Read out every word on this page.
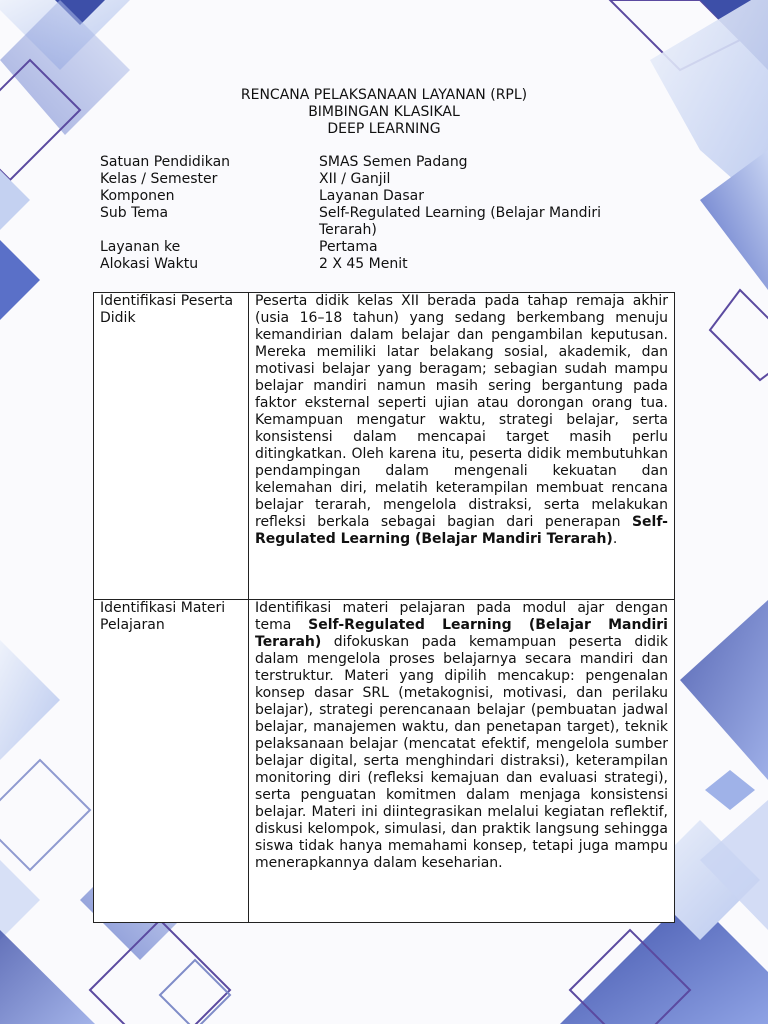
RENCANA PELAKSANAAN LAYANAN (RPL)
BIMBINGAN KLASIKAL
DEEP LEARNING
Satuan Pendidikan	SMAS Semen Padang
Kelas / Semester	XII / Ganjil
Komponen	Layanan Dasar
Sub Tema	Self-Regulated Learning (Belajar Mandiri Terarah)
Layanan ke	Pertama
Alokasi Waktu	2 X 45 Menit
Identifikasi Peserta Didik	Peserta didik kelas XII berada pada tahap remaja akhir (usia 16–18 tahun) yang sedang berkembang menuju kemandirian dalam belajar dan pengambilan keputusan. Mereka memiliki latar belakang sosial, akademik, dan motivasi belajar yang beragam; sebagian sudah mampu belajar mandiri namun masih sering bergantung pada faktor eksternal seperti ujian atau dorongan orang tua. Kemampuan mengatur waktu, strategi belajar, serta konsistensi dalam mencapai target masih perlu ditingkatkan. Oleh karena itu, peserta didik membutuhkan pendampingan dalam mengenali kekuatan dan kelemahan diri, melatih keterampilan membuat rencana belajar terarah, mengelola distraksi, serta melakukan refleksi berkala sebagai bagian dari penerapan Self-Regulated Learning (Belajar Mandiri Terarah).
Identifikasi Materi Pelajaran	Identifikasi materi pelajaran pada modul ajar dengan tema Self-Regulated Learning (Belajar Mandiri Terarah) difokuskan pada kemampuan peserta didik dalam mengelola proses belajarnya secara mandiri dan terstruktur. Materi yang dipilih mencakup: pengenalan konsep dasar SRL (metakognisi, motivasi, dan perilaku belajar), strategi perencanaan belajar (pembuatan jadwal belajar, manajemen waktu, dan penetapan target), teknik pelaksanaan belajar (mencatat efektif, mengelola sumber belajar digital, serta menghindari distraksi), keterampilan monitoring diri (refleksi kemajuan dan evaluasi strategi), serta penguatan komitmen dalam menjaga konsistensi belajar. Materi ini diintegrasikan melalui kegiatan reflektif, diskusi kelompok, simulasi, dan praktik langsung sehingga siswa tidak hanya memahami konsep, tetapi juga mampu menerapkannya dalam keseharian.
